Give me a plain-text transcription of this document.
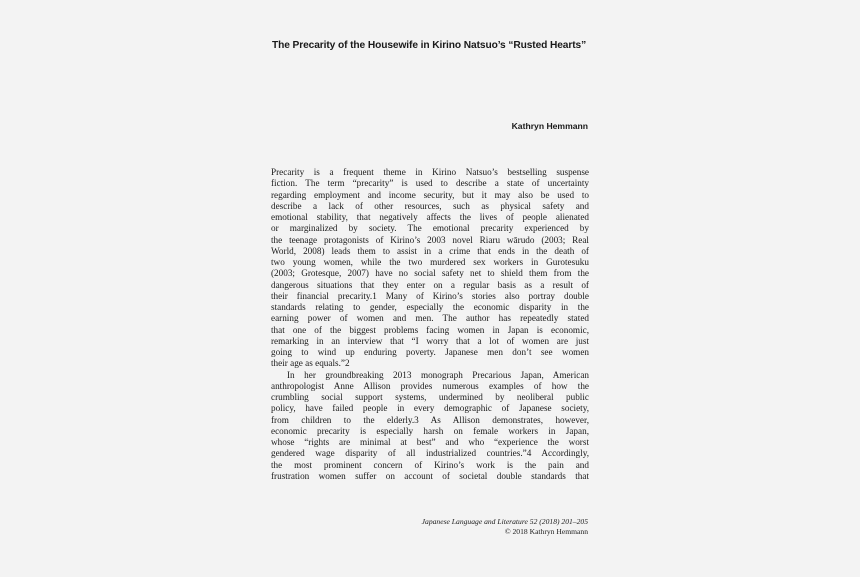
The Precarity of the Housewife in Kirino Natsuo’s “Rusted Hearts”
Kathryn Hemmann
Precarity is a frequent theme in Kirino Natsuo’s bestselling suspense
fiction. The term “precarity” is used to describe a state of uncertainty
regarding employment and income security, but it may also be used to
describe a lack of other resources, such as physical safety and
emotional stability, that negatively affects the lives of people alienated
or marginalized by society. The emotional precarity experienced by
the teenage protagonists of Kirino’s 2003 novel Riaru wārudo (2003; Real
World, 2008) leads them to assist in a crime that ends in the death of
two young women, while the two murdered sex workers in Gurotesuku
(2003; Grotesque, 2007) have no social safety net to shield them from the
dangerous situations that they enter on a regular basis as a result of
their financial precarity.1 Many of Kirino’s stories also portray double
standards relating to gender, especially the economic disparity in the
earning power of women and men. The author has repeatedly stated
that one of the biggest problems facing women in Japan is economic,
remarking in an interview that “I worry that a lot of women are just
going to wind up enduring poverty. Japanese men don’t see women
their age as equals.”2
In her groundbreaking 2013 monograph Precarious Japan, American
anthropologist Anne Allison provides numerous examples of how the
crumbling social support systems, undermined by neoliberal public
policy, have failed people in every demographic of Japanese society,
from children to the elderly.3 As Allison demonstrates, however,
economic precarity is especially harsh on female workers in Japan,
whose “rights are minimal at best” and who “experience the worst
gendered wage disparity of all industrialized countries.”4 Accordingly,
the most prominent concern of Kirino’s work is the pain and
frustration women suffer on account of societal double standards that
Japanese Language and Literature 52 (2018) 201–205
© 2018 Kathryn Hemmann
